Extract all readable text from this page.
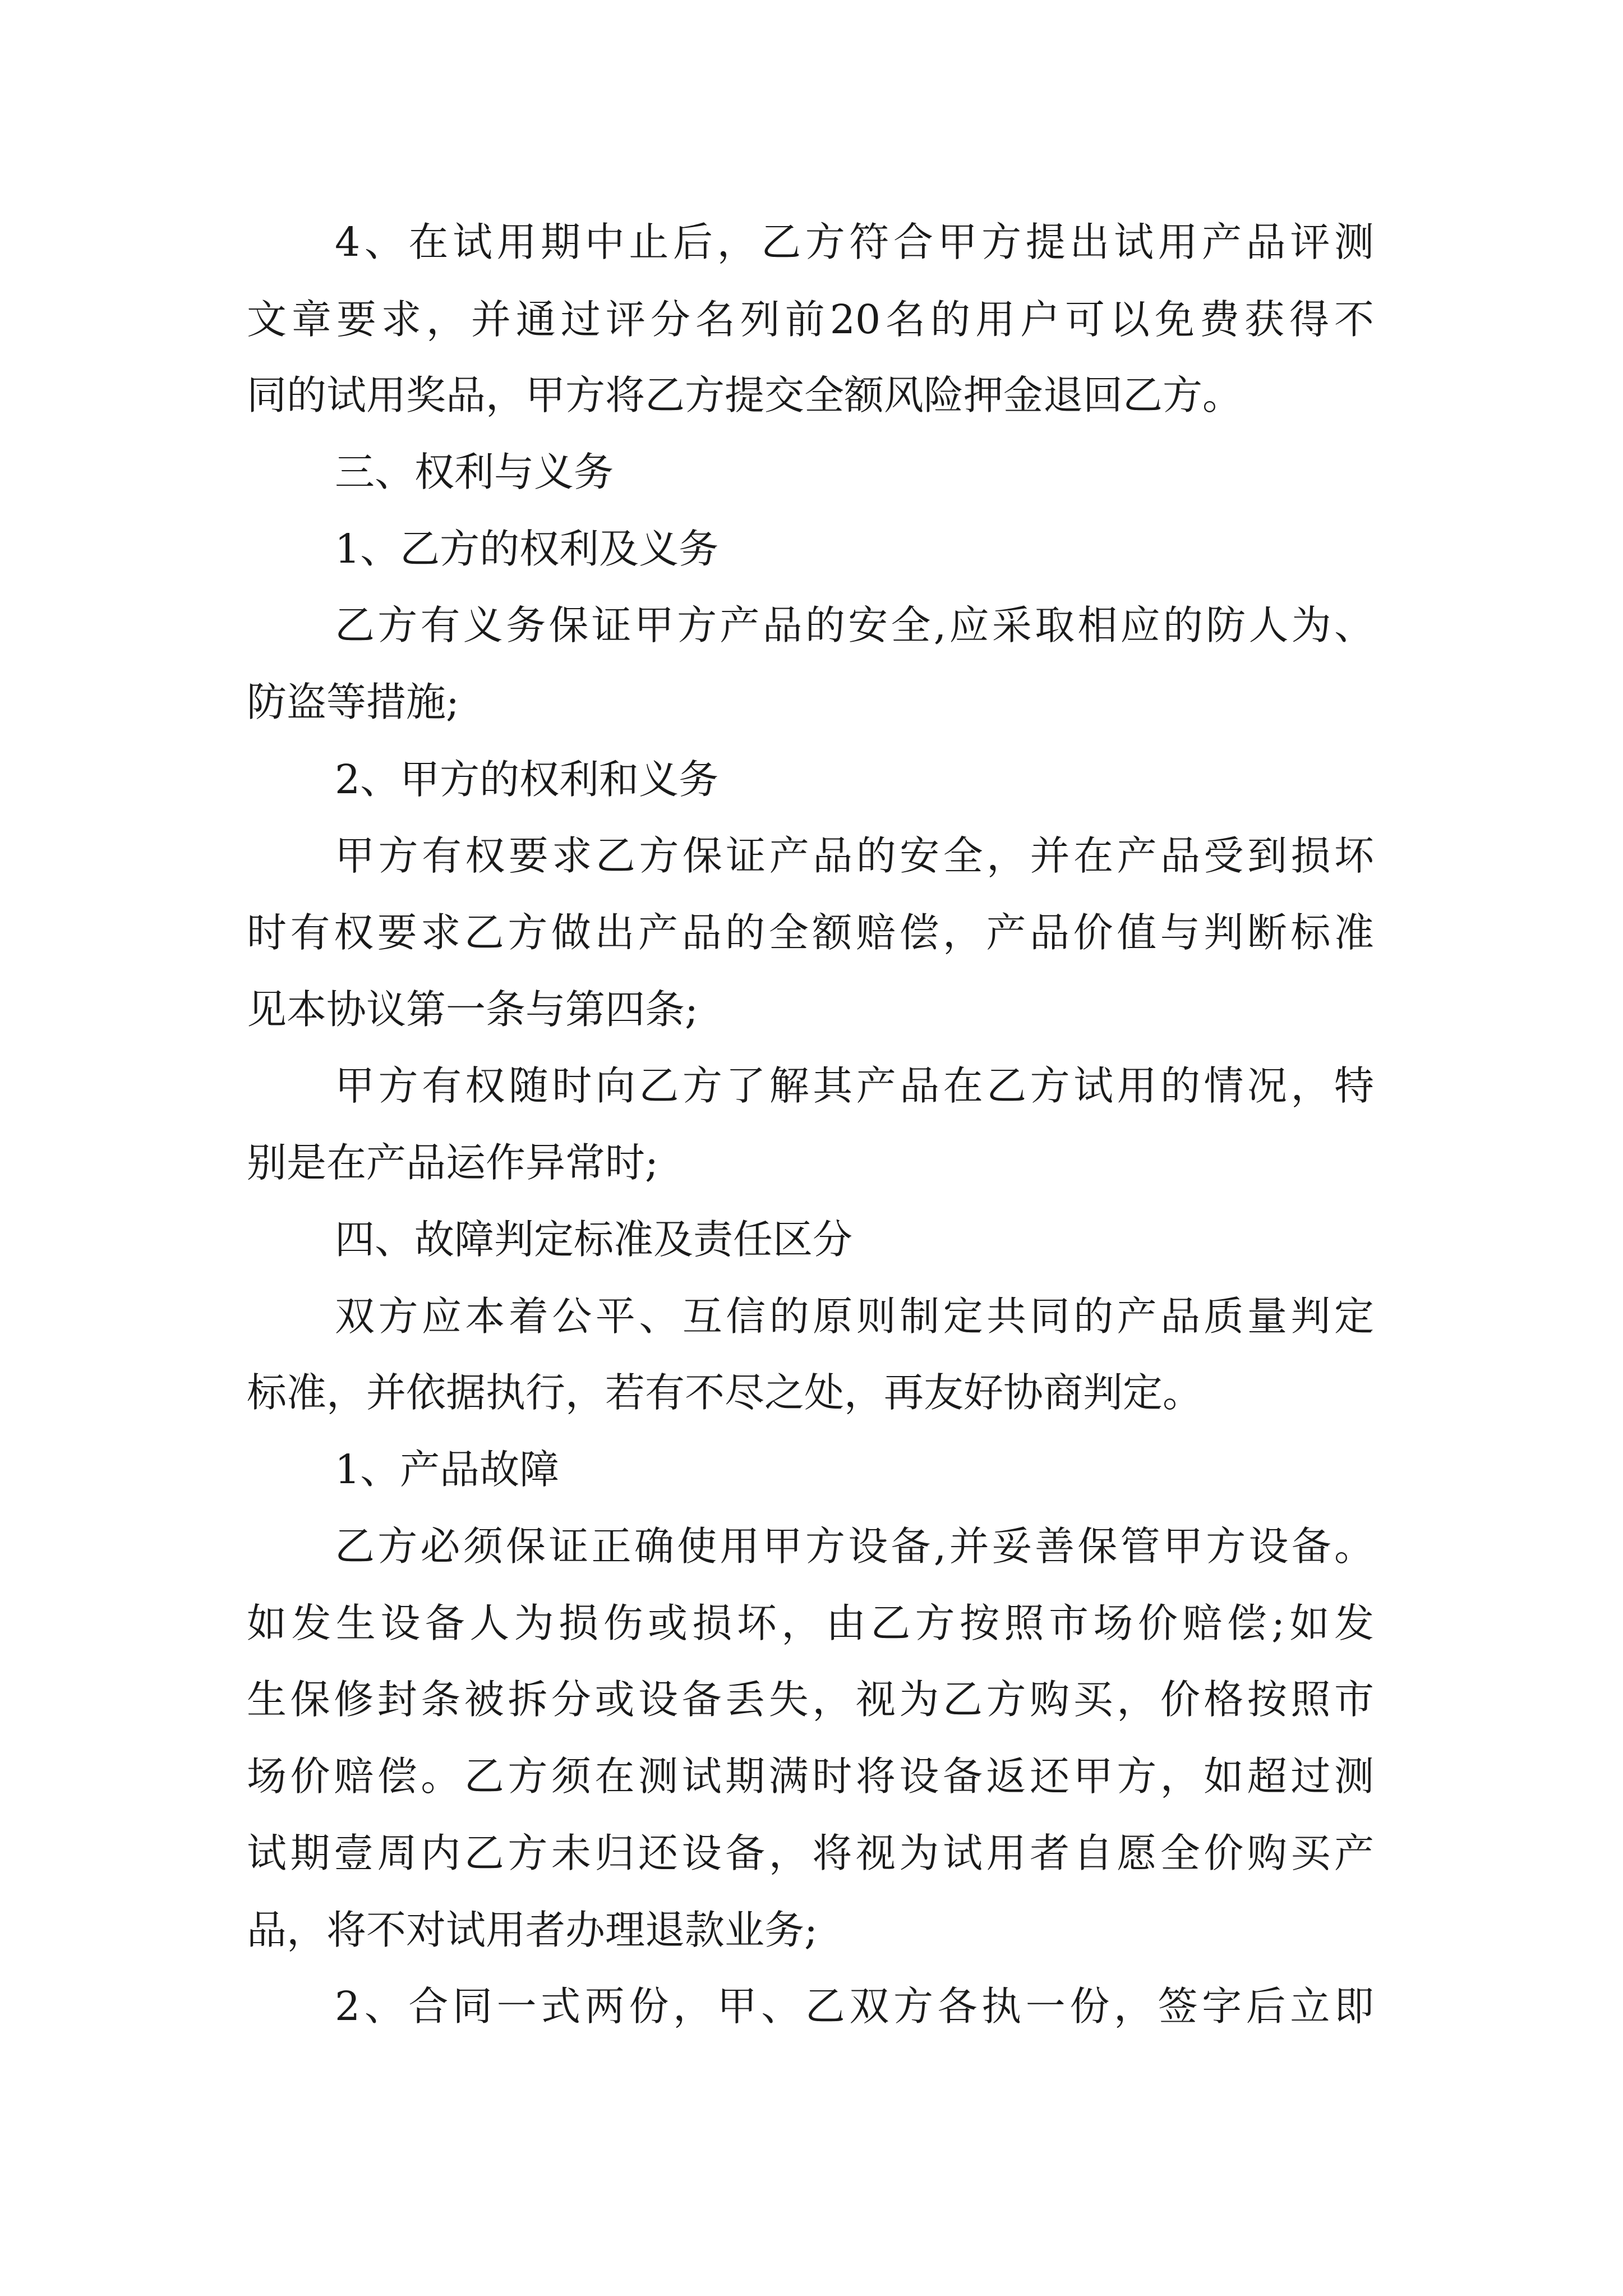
4、在试用期中止后，乙方符合甲方提出试用产品评测
文章要求，并通过评分名列前20名的用户可以免费获得不
同的试用奖品，甲方将乙方提交全额风险押金退回乙方。
三、权利与义务
1、乙方的权利及义务
乙方有义务保证甲方产品的安全,应采取相应的防人为、
防盗等措施;
2、甲方的权利和义务
甲方有权要求乙方保证产品的安全，并在产品受到损坏
时有权要求乙方做出产品的全额赔偿，产品价值与判断标准
见本协议第一条与第四条;
甲方有权随时向乙方了解其产品在乙方试用的情况，特
别是在产品运作异常时;
四、故障判定标准及责任区分
双方应本着公平、互信的原则制定共同的产品质量判定
标准，并依据执行，若有不尽之处，再友好协商判定。
1、产品故障
乙方必须保证正确使用甲方设备,并妥善保管甲方设备。
如发生设备人为损伤或损坏，由乙方按照市场价赔偿;如发
生保修封条被拆分或设备丢失，视为乙方购买，价格按照市
场价赔偿。乙方须在测试期满时将设备返还甲方，如超过测
试期壹周内乙方未归还设备，将视为试用者自愿全价购买产
品，将不对试用者办理退款业务;
2、合同一式两份，甲、乙双方各执一份，签字后立即
